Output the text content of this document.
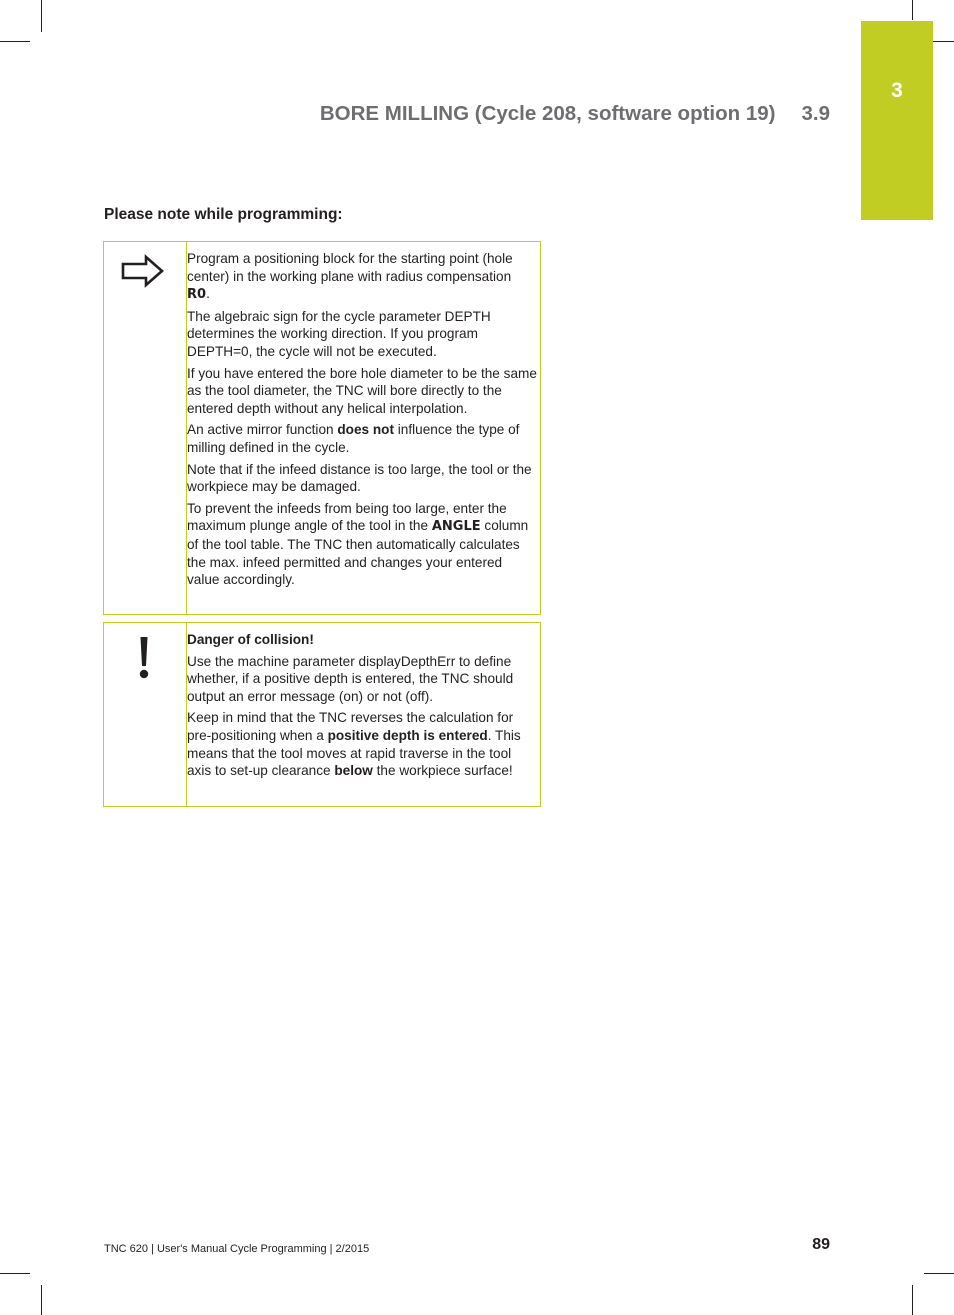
3
BORE MILLING (Cycle 208, software option 19) 3.9
Please note while programming:

Program a positioning block for the starting point (hole center) in the working plane with radius compensation R0.

The algebraic sign for the cycle parameter DEPTH determines the working direction. If you program DEPTH=0, the cycle will not be executed.

If you have entered the bore hole diameter to be the same as the tool diameter, the TNC will bore directly to the entered depth without any helical interpolation.

An active mirror function does not influence the type of milling defined in the cycle.

Note that if the infeed distance is too large, the tool or the workpiece may be damaged.

To prevent the infeeds from being too large, enter the maximum plunge angle of the tool in the ANGLE column of the tool table. The TNC then automatically calculates the max. infeed permitted and changes your entered value accordingly.

Danger of collision!

Use the machine parameter displayDepthErr to define whether, if a positive depth is entered, the TNC should output an error message (on) or not (off).

Keep in mind that the TNC reverses the calculation for pre-positioning when a positive depth is entered. This means that the tool moves at rapid traverse in the tool axis to set-up clearance below the workpiece surface!

TNC 620 | User's Manual Cycle Programming | 2/2015	89
